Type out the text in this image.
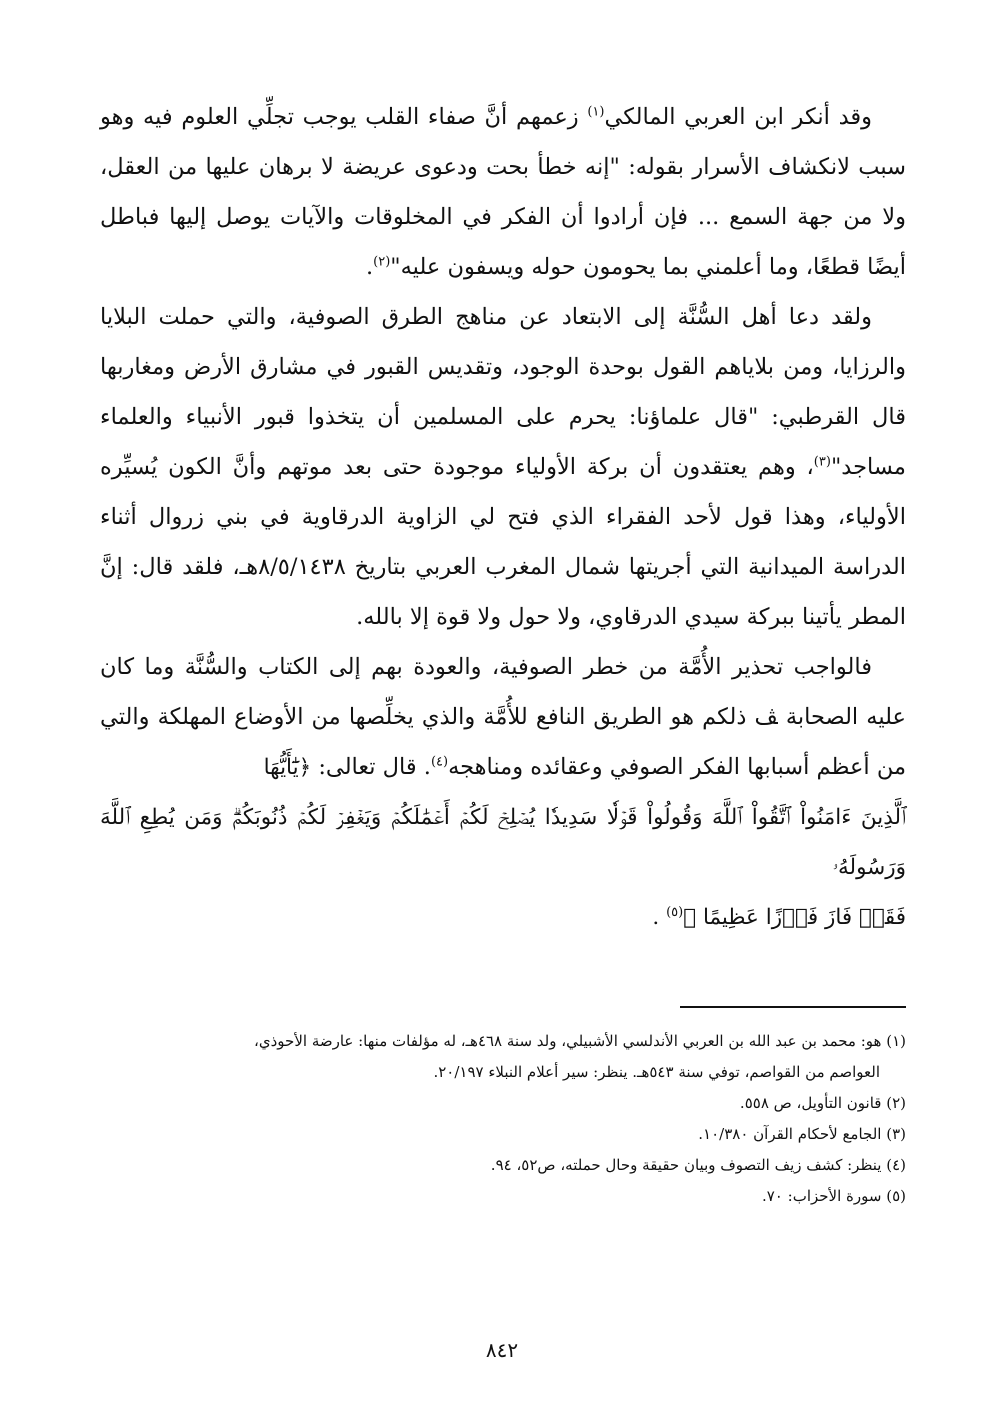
وقد أنكر ابن العربي المالكي$^{(١)}$ زعمهم أنَّ صفاء القلب يوجب تجلِّي العلوم فيه وهو سبب لانكشاف الأسرار بقوله: "إنه خطأ بحت ودعوى عريضة لا برهان عليها من العقل، ولا من جهة السمع ... فإن أرادوا أن الفكر في المخلوقات والآيات يوصل إليها فباطل أيضًا قطعًا، وما أعلمني بما يحومون حوله ويسفون عليه"$^{(٢)}$.

ولقد دعا أهل السُّنَّة إلى الابتعاد عن مناهج الطرق الصوفية، والتي حملت البلايا والرزايا، ومن بلاياهم القول بوحدة الوجود، وتقديس القبور في مشارق الأرض ومغاربها قال القرطبي: "قال علماؤنا: يحرم على المسلمين أن يتخذوا قبور الأنبياء والعلماء مساجد"$^{(٣)}$، وهم يعتقدون أن بركة الأولياء موجودة حتى بعد موتهم وأنَّ الكون يُسيِّره الأولياء، وهذا قول لأحد الفقراء الذي فتح لي الزاوية الدرقاوية في بني زروال أثناء الدراسة الميدانية التي أجريتها شمال المغرب العربي بتاريخ ٨/٥/١٤٣٨هـ، فلقد قال: إنَّ المطر يأتينا ببركة سيدي الدرقاوي، ولا حول ولا قوة إلا بالله.

فالواجب تحذير الأُمَّة من خطر الصوفية، والعودة بهم إلى الكتاب والسُّنَّة وما كان عليه الصحابة ﭫ ذلكم هو الطريق النافع للأُمَّة والذي يخلِّصها من الأوضاع المهلكة والتي من أعظم أسبابها الفكر الصوفي وعقائده ومناهجه$^{(٤)}$. قال تعالى: ﴿يَٰٓأَيُّهَا

ٱلَّذِينَ ءَامَنُواْ ٱتَّقُواْ ٱللَّهَ وَقُولُواْ قَوۡلٗا سَدِيدٗا يُصۡلِحۡ لَكُمۡ أَعۡمَٰلَكُمۡ وَيَغۡفِرۡ لَكُمۡ ذُنُوبَكُمۡۗ وَمَن يُطِعِ ٱللَّهَ وَرَسُولَهُۥ
فَقَدۡ فَازَ فَوۡزًا عَظِيمًا ﴾$^{(٥)}$ .

(١) هو: محمد بن عبد الله بن العربي الأندلسي الأشبيلي، ولد سنة ٤٦٨هـ، له مؤلفات منها: عارضة الأحوذي،

العواصم من القواصم، توفي سنة ٥٤٣هـ. ينظر: سير أعلام النبلاء ٢٠/١٩٧.

(٢) قانون التأويل، ص ٥٥٨.

(٣) الجامع لأحكام القرآن ١٠/٣٨٠.

(٤) ينظر: كشف زيف التصوف وبيان حقيقة وحال حملته، ص٥٢، ٩٤.

(٥) سورة الأحزاب: ٧٠.

٨٤٢
